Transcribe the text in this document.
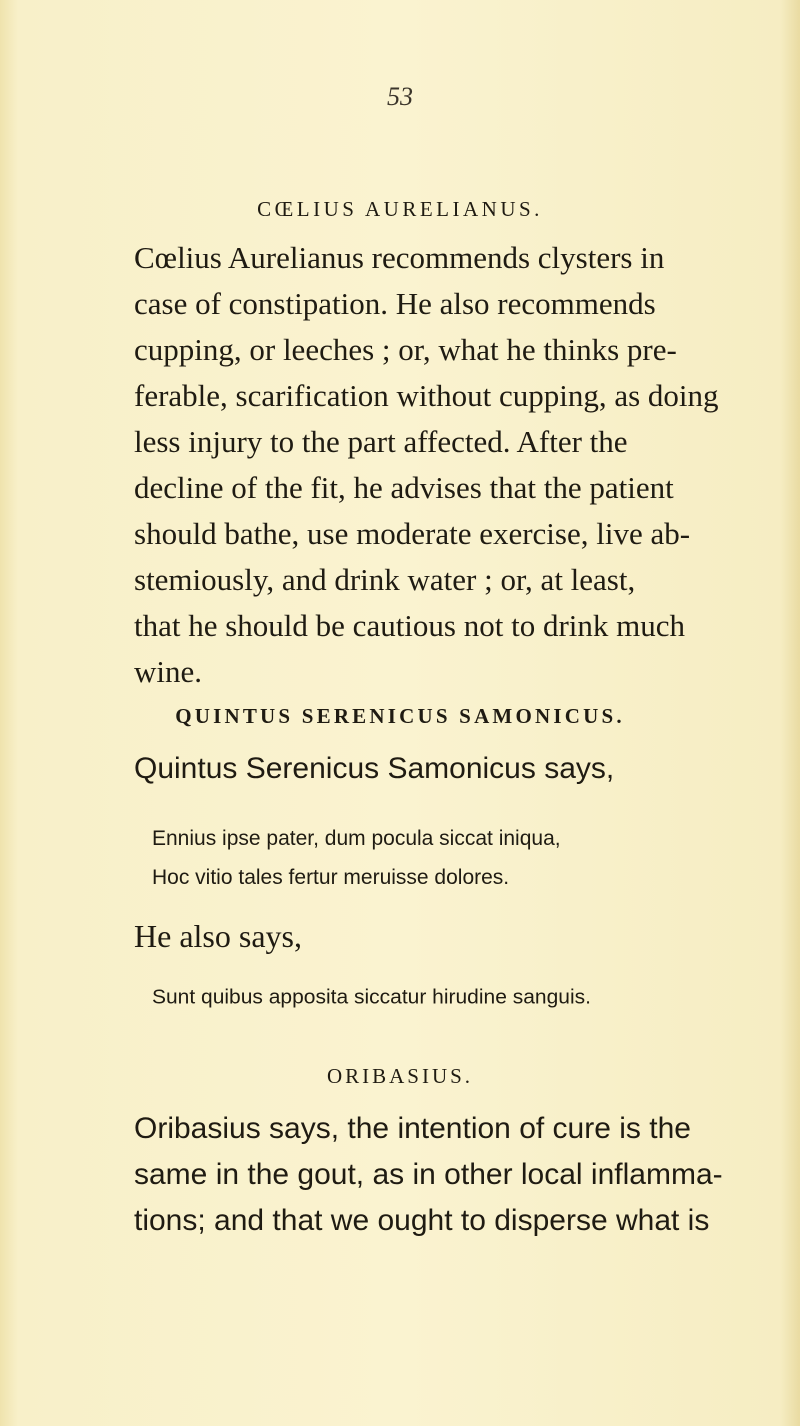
53
CŒLIUS AURELIANUS.
Cœlius Aurelianus recommends clysters in
case of constipation. He also recommends
cupping, or leeches ; or, what he thinks pre-
ferable, scarification without cupping, as doing
less injury to the part affected. After the
decline of the fit, he advises that the patient
should bathe, use moderate exercise, live ab-
stemiously, and drink water ; or, at least,
that he should be cautious not to drink much
wine.
QUINTUS SERENICUS SAMONICUS.
Quintus Serenicus Samonicus says,
Ennius ipse pater, dum pocula siccat iniqua,
Hoc vitio tales fertur meruisse dolores.
He also says,
Sunt quibus apposita siccatur hirudine sanguis.
ORIBASIUS.
Oribasius says, the intention of cure is the
same in the gout, as in other local inflamma-
tions; and that we ought to disperse what is
